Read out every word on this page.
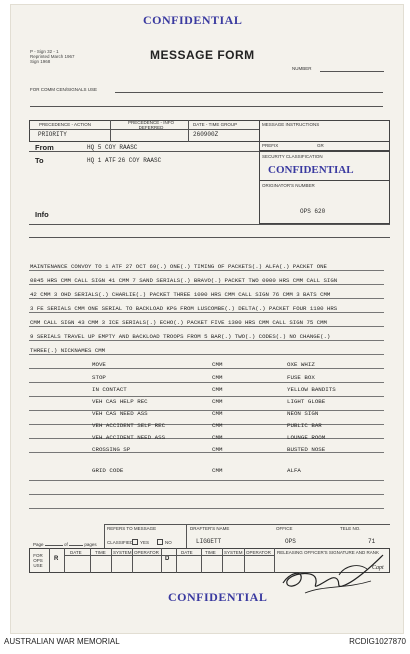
CONFIDENTIAL
P - Sign 32 - 1
Reprinted March 1967
Sign 1968	MESSAGE FORM
NUMBER
FOR COMM CEN/SIGNALS USE
PRECEDENCE - ACTION	PRECEDENCE - INFO DEFERRED
DATE - TIME GROUP
PRIORITY	260900Z
MESSAGE INSTRUCTIONS
PREFIX	GR
From	HQ 5 COY RAASC
To	HQ 1 ATF 26 COY RAASC
Info
SECURITY CLASSIFICATION
CONFIDENTIAL
ORIGINATOR'S NUMBER
OPS 620
MAINTENANCE CONVOY TO 1 ATF 27 OCT 69(.) ONE(.) TIMING OF PACKETS(.) ALFA(.) PACKET ONE
0845 HRS CMM CALL SIGN 41 CMM 7 SAND SERIALS(.) BRAVO(.) PACKET TWO 0900 HRS CMM CALL SIGN
42 CMM 3 OHD SERIALS(.) CHARLIE(.) PACKET THREE 1000 HRS CMM CALL SIGN 76 CMM 3 BATS CMM
3 FE SERIALS CMM ONE SERIAL TO BACKLOAD KPG FROM LUSCOMBE(.) DELTA(.) PACKET FOUR 1100 HRS
CMM CALL SIGN 43 CMM 3 ICE SERIALS(.) ECHO(.) PACKET FIVE 1300 HRS CMM CALL SIGN 75 CMM
9 SERIALS TRAVEL UP EMPTY AND BACKLOAD TROOPS FROM 5 BAR(.) TWO(.) CODES(.) NO CHANGE(.)
THREE(.) NICKNAMES CMM
MOVE	CMM	OXE WHIZ
STOP	CMM	FUSE BOX
IN CONTACT	CMM	YELLOW BANDITS
VEH CAS HELP REC	CMM	LIGHT GLOBE
VEH CAS NEED ASS	CMM	NEON SIGN
VEH ACCIDENT SELF REC	CMM	PUBLIC BAR
VEH ACCIDENT NEED ASS	CMM	LOUNGE ROOM
CROSSING SP	CMM	BUSTED NOSE
GRID CODE	CMM	ALFA
REFERS TO MESSAGE	DRAFTER'S NAME	OFFICE	TELE NO.
CLASSIFIED YES	NO	LIGGETT	OPS	71
Page	of	pages
FOR OPS USE
R
DATE	TIME SYSTEM OPERATOR
D
DATE	TIME SYSTEM OPERATOR RELEASING OFFICER'S SIGNATURE AND RANK
Capt
CONFIDENTIAL
AUSTRALIAN WAR MEMORIAL	RCDIG1027870
